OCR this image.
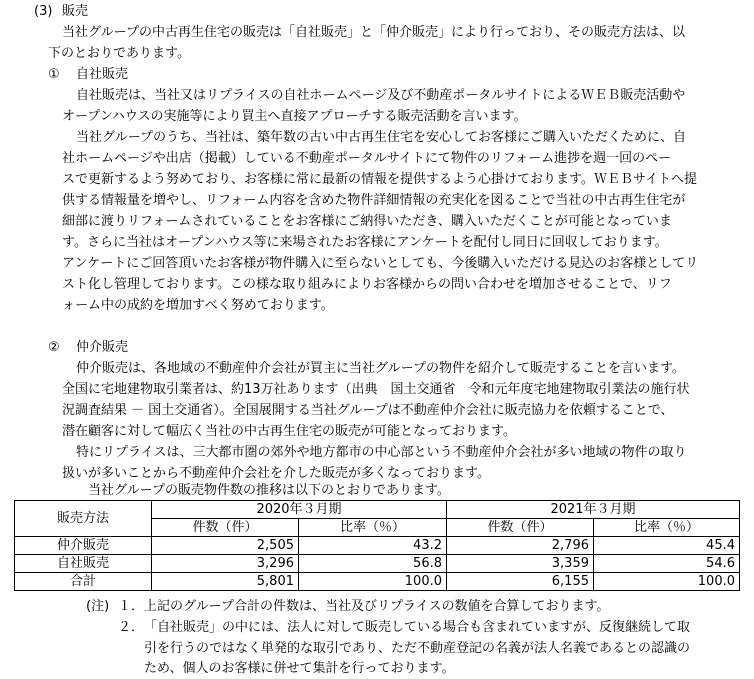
(3) 販売
当社グループの中古再生住宅の販売は「自社販売」と「仲介販売」により行っており、その販売方法は、以
下のとおりであります。
① 自社販売
自社販売は、当社又はリプライスの自社ホームページ及び不動産ポータルサイトによるＷＥＢ販売活動や
オープンハウスの実施等により買主へ直接アプローチする販売活動を言います。
当社グループのうち、当社は、築年数の古い中古再生住宅を安心してお客様にご購入いただくために、自
社ホームページや出店（掲載）している不動産ポータルサイトにて物件のリフォーム進捗を週一回のペー
スで更新するよう努めており、お客様に常に最新の情報を提供するよう心掛けております。ＷＥＢサイトへ提
供する情報量を増やし、リフォーム内容を含めた物件詳細情報の充実化を図ることで当社の中古再生住宅が
細部に渡りリフォームされていることをお客様にご納得いただき、購入いただくことが可能となっていま
す。さらに当社はオープンハウス等に来場されたお客様にアンケートを配付し同日に回収しております。
アンケートにご回答頂いたお客様が物件購入に至らないとしても、今後購入いただける見込のお客様としてリ
スト化し管理しております。この様な取り組みによりお客様からの問い合わせを増加させることで、リフ
ォーム中の成約を増加すべく努めております。
② 仲介販売
仲介販売は、各地域の不動産仲介会社が買主に当社グループの物件を紹介して販売することを言います。
全国に宅地建物取引業者は、約13万社あります（出典　国土交通省　令和元年度宅地建物取引業法の施行状
況調査結果 － 国土交通省）。全国展開する当社グループは不動産仲介会社に販売協力を依頼することで、
潜在顧客に対して幅広く当社の中古再生住宅の販売が可能となっております。
特にリプライスは、三大都市圏の郊外や地方都市の中心部という不動産仲介会社が多い地域の物件の取り
扱いが多いことから不動産仲介会社を介した販売が多くなっております。
当社グループの販売物件数の推移は以下のとおりであります。
販売方法	2020年３月期		2021年３月期	
	件数（件）	比率（％）	件数（件）	比率（％）
仲介販売	2,505	43.2	2,796	45.4
自社販売	3,296	56.8	3,359	54.6
合計	5,801	100.0	6,155	100.0
(注) １． 上記のグループ合計の件数は、当社及びリプライスの数値を合算しております。
２． 「自社販売」の中には、法人に対して販売している場合も含まれていますが、反復継続して取
引を行うのではなく単発的な取引であり、ただ不動産登記の名義が法人名義であるとの認識の
ため、個人のお客様に併せて集計を行っております。
